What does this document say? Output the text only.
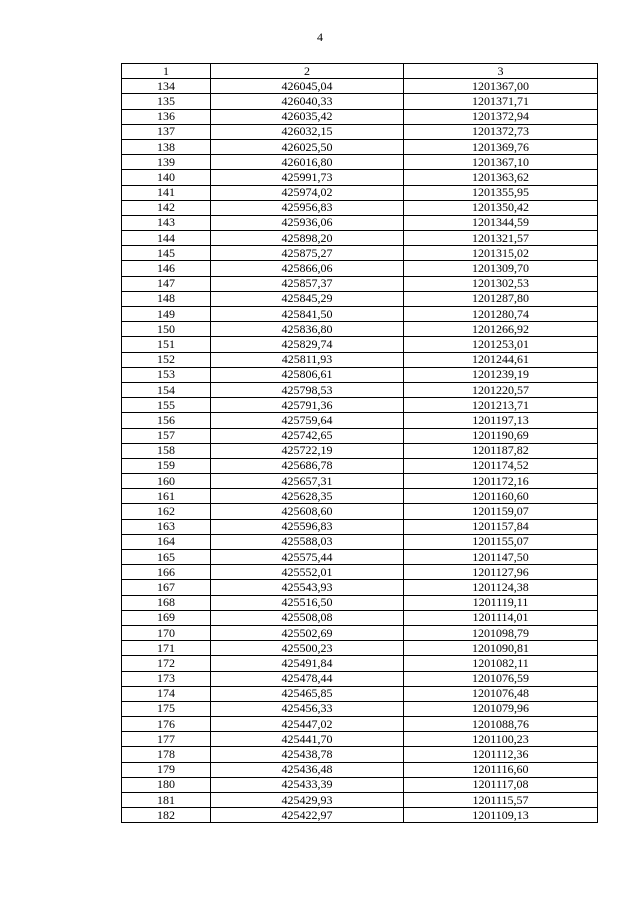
4
1	2	3
134	426045,04	1201367,00
135	426040,33	1201371,71
136	426035,42	1201372,94
137	426032,15	1201372,73
138	426025,50	1201369,76
139	426016,80	1201367,10
140	425991,73	1201363,62
141	425974,02	1201355,95
142	425956,83	1201350,42
143	425936,06	1201344,59
144	425898,20	1201321,57
145	425875,27	1201315,02
146	425866,06	1201309,70
147	425857,37	1201302,53
148	425845,29	1201287,80
149	425841,50	1201280,74
150	425836,80	1201266,92
151	425829,74	1201253,01
152	425811,93	1201244,61
153	425806,61	1201239,19
154	425798,53	1201220,57
155	425791,36	1201213,71
156	425759,64	1201197,13
157	425742,65	1201190,69
158	425722,19	1201187,82
159	425686,78	1201174,52
160	425657,31	1201172,16
161	425628,35	1201160,60
162	425608,60	1201159,07
163	425596,83	1201157,84
164	425588,03	1201155,07
165	425575,44	1201147,50
166	425552,01	1201127,96
167	425543,93	1201124,38
168	425516,50	1201119,11
169	425508,08	1201114,01
170	425502,69	1201098,79
171	425500,23	1201090,81
172	425491,84	1201082,11
173	425478,44	1201076,59
174	425465,85	1201076,48
175	425456,33	1201079,96
176	425447,02	1201088,76
177	425441,70	1201100,23
178	425438,78	1201112,36
179	425436,48	1201116,60
180	425433,39	1201117,08
181	425429,93	1201115,57
182	425422,97	1201109,13
